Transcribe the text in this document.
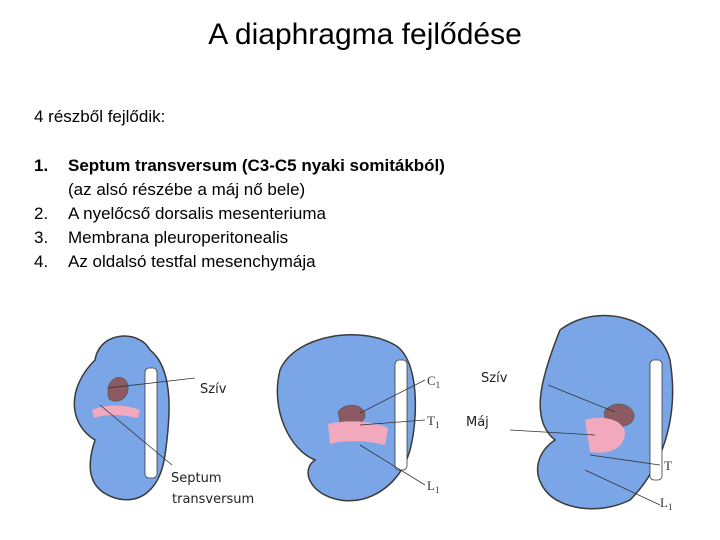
A diaphragma fejlődése
4 részből fejlődik:
1. Septum transversum (C3-C5 nyaki somitákból)
(az alsó részébe a máj nő bele)
2. A nyelőcső dorsalis mesenteriuma
3. Membrana pleuroperitonealis
4. Az oldalsó testfal mesenchymája
Szív
Szív
Máj
Septum
transversum
$C_1$
$T_1$
$L_1$
T
$L_1$
